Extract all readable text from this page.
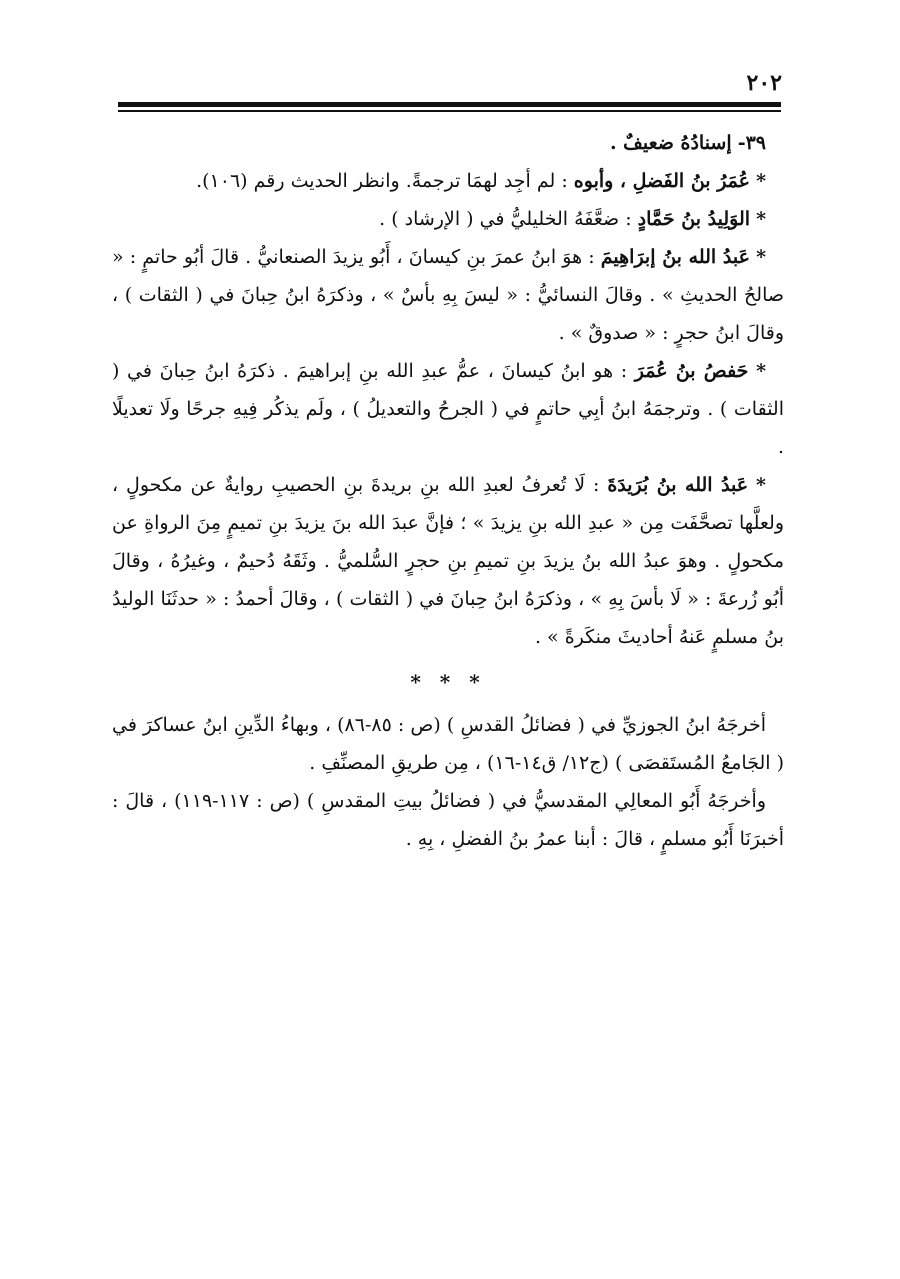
٢٠٢

٣٩- إسنادُهُ ضعيفٌ .

* عُمَرُ بنُ الفَضلِ ، وأبوه : لم أجِد لهمَا ترجمةً. وانظر الحديث رقم (١٠٦).

* الوَلِيدُ بنُ حَمَّادٍ : ضعَّفَهُ الخليليُّ في ( الإرشاد ) .

* عَبدُ الله بنُ إبرَاهِيمَ : هوَ ابنُ عمرَ بنِ كيسانَ ، أَبُو يزيدَ الصنعانيُّ . قالَ أبُو حاتمٍ : « صالحُ الحديثِ » . وقالَ النسائيُّ : « ليسَ بِهِ بأسٌ » ، وذكرَهُ ابنُ حِبانَ في ( الثقات ) ، وقالَ ابنُ حجرٍ : « صدوقٌ » .

* حَفصُ بنُ عُمَرَ : هو ابنُ كيسانَ ، عمُّ عبدِ الله بنِ إبراهيمَ . ذكرَهُ ابنُ حِبانَ في ( الثقات ) . وترجمَهُ ابنُ أبِي حاتمٍ في ( الجرحُ والتعديلُ ) ، ولَم يذكُر فِيهِ جرحًا ولَا تعديلًا .

* عَبدُ الله بنُ بُرَيدَةَ : لَا تُعرفُ لعبدِ الله بنِ بريدةَ بنِ الحصيبِ روايةٌ عن مكحولٍ ، ولعلَّها تصحَّفَت مِن « عبدِ الله بنِ يزيدَ » ؛ فإنَّ عبدَ الله بنَ يزيدَ بنِ تميمٍ مِنَ الرواةِ عن مكحولٍ . وهوَ عبدُ الله بنُ يزيدَ بنِ تميمِ بنِ حجرٍ السُّلميُّ . وثَقَهُ دُحيمٌ ، وغيرُهُ ، وقالَ أبُو زُرعةَ : « لَا بأسَ بِهِ » ، وذكرَهُ ابنُ حِبانَ في ( الثقات ) ، وقالَ أحمدُ : « حدثَنَا الوليدُ بنُ مسلمٍ عَنهُ أحاديثَ منكَرةً » .

* * *

أخرجَهُ ابنُ الجوزيِّ في ( فضائلُ القدسِ ) (ص : ٨٥-٨٦) ، وبهاءُ الدِّينِ ابنُ عساكرَ في ( الجَامعُ المُستَقصَى ) (ج١٢/ ق١٤-١٦) ، مِن طريقِ المصنِّفِ .

وأخرجَهُ أَبُو المعالِي المقدسيُّ في ( فضائلُ بيتِ المقدسِ ) (ص : ١١٧-١١٩) ، قالَ : أخبرَنَا أَبُو مسلمٍ ، قالَ : أبنا عمرُ بنُ الفضلِ ، بِهِ .
